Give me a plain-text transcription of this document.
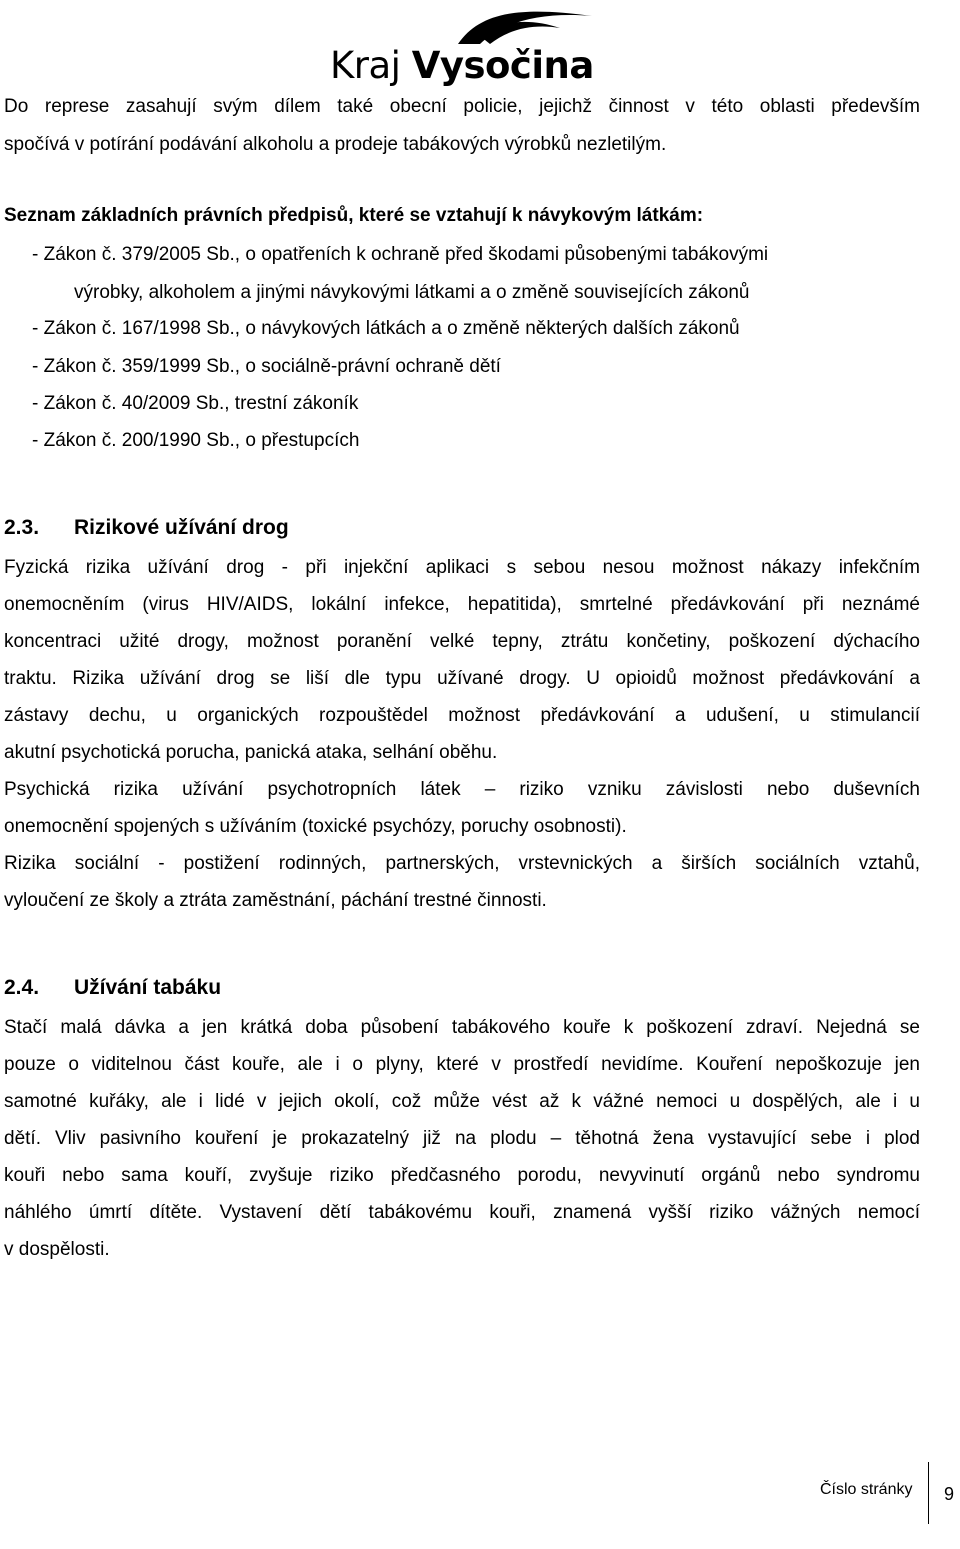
Kraj Vysočina
Do represe zasahují svým dílem také obecní policie, jejichž činnost v této oblasti především
spočívá v potírání podávání alkoholu a prodeje tabákových výrobků nezletilým.
Seznam základních právních předpisů, které se vztahují k návykovým látkám:
- Zákon č. 379/2005 Sb., o opatřeních k ochraně před škodami působenými tabákovými
výrobky, alkoholem a jinými návykovými látkami a o změně souvisejících zákonů
- Zákon č. 167/1998 Sb., o návykových látkách a o změně některých dalších zákonů
- Zákon č. 359/1999 Sb., o sociálně-právní ochraně dětí
- Zákon č. 40/2009 Sb., trestní zákoník
- Zákon č. 200/1990 Sb., o přestupcích
2.3. Rizikové užívání drog
Fyzická rizika užívání drog - při injekční aplikaci s sebou nesou možnost nákazy infekčním
onemocněním (virus HIV/AIDS, lokální infekce, hepatitida), smrtelné předávkování při neznámé
koncentraci užité drogy, možnost poranění velké tepny, ztrátu končetiny, poškození dýchacího
traktu. Rizika užívání drog se liší dle typu užívané drogy. U opioidů možnost předávkování a
zástavy dechu, u organických rozpouštědel možnost předávkování a udušení, u stimulancií
akutní psychotická porucha, panická ataka, selhání oběhu.
Psychická rizika užívání psychotropních látek – riziko vzniku závislosti nebo duševních
onemocnění spojených s užíváním (toxické psychózy, poruchy osobnosti).
Rizika sociální - postižení rodinných, partnerských, vrstevnických a širších sociálních vztahů,
vyloučení ze školy a ztráta zaměstnání, páchání trestné činnosti.
2.4. Užívání tabáku
Stačí malá dávka a jen krátká doba působení tabákového kouře k poškození zdraví. Nejedná se
pouze o viditelnou část kouře, ale i o plyny, které v prostředí nevidíme. Kouření nepoškozuje jen
samotné kuřáky, ale i lidé v jejich okolí, což může vést až k vážné nemoci u dospělých, ale i u
dětí. Vliv pasivního kouření je prokazatelný již na plodu – těhotná žena vystavující sebe i plod
kouři nebo sama kouří, zvyšuje riziko předčasného porodu, nevyvinutí orgánů nebo syndromu
náhlého úmrtí dítěte. Vystavení dětí tabákovému kouři, znamená vyšší riziko vážných nemocí
v dospělosti.
Číslo stránky 9
